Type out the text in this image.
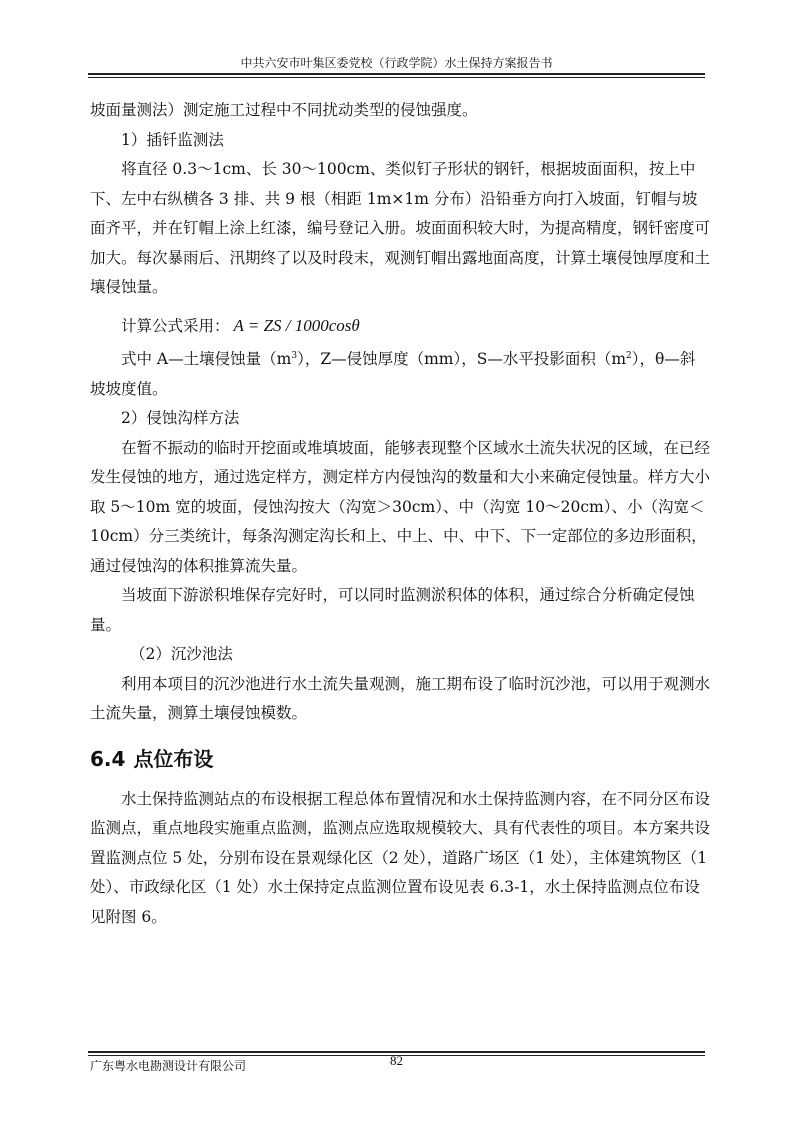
中共六安市叶集区委党校（行政学院）水土保持方案报告书

坡面量测法）测定施工过程中不同扰动类型的侵蚀强度。

1）插钎监测法

将直径 0.3～1cm、长 30～100cm、类似钉子形状的钢钎，根据坡面面积，按上中下、左中右纵横各 3 排、共 9 根（相距 1m×1m 分布）沿铅垂方向打入坡面，钉帽与坡面齐平，并在钉帽上涂上红漆，编号登记入册。坡面面积较大时，为提高精度，钢钎密度可加大。每次暴雨后、汛期终了以及时段末，观测钉帽出露地面高度，计算土壤侵蚀厚度和土壤侵蚀量。

计算公式采用： A = ZS / 1000cosθ

式中 A—土壤侵蚀量$(m^3)$，Z—侵蚀厚度（mm），S—水平投影面积$(m^2)$，θ—斜坡坡度值。

2）侵蚀沟样方法

在暂不振动的临时开挖面或堆填坡面，能够表现整个区域水土流失状况的区域，在已经发生侵蚀的地方，通过选定样方，测定样方内侵蚀沟的数量和大小来确定侵蚀量。样方大小取 5～10m 宽的坡面，侵蚀沟按大（沟宽＞30cm）、中（沟宽 10～20cm）、小（沟宽＜10cm）分三类统计，每条沟测定沟长和上、中上、中、中下、下一定部位的多边形面积，通过侵蚀沟的体积推算流失量。

当坡面下游淤积堆保存完好时，可以同时监测淤积体的体积，通过综合分析确定侵蚀量。

（2）沉沙池法

利用本项目的沉沙池进行水土流失量观测，施工期布设了临时沉沙池，可以用于观测水土流失量，测算土壤侵蚀模数。

6.4 点位布设

水土保持监测站点的布设根据工程总体布置情况和水土保持监测内容，在不同分区布设监测点，重点地段实施重点监测，监测点应选取规模较大、具有代表性的项目。本方案共设置监测点位 5 处，分别布设在景观绿化区（2 处），道路广场区（1 处），主体建筑物区（1 处）、市政绿化区（1 处）水土保持定点监测位置布设见表 6.3-1，水土保持监测点位布设见附图 6。

广东粤水电勘测设计有限公司	82
